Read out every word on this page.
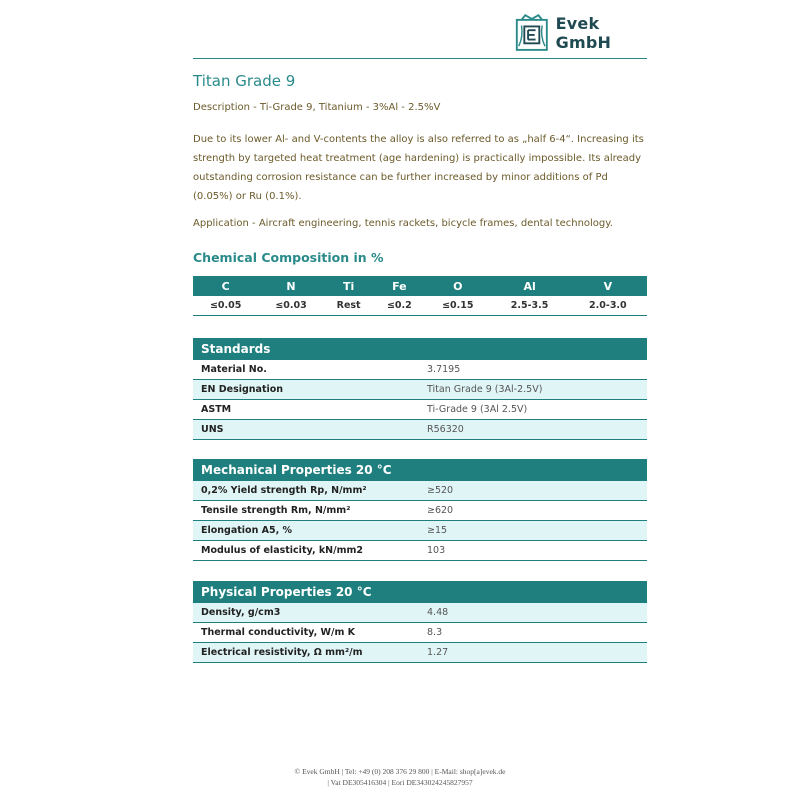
Evek GmbH
Titan Grade 9
Description - Ti-Grade 9, Titanium - 3%Al - 2.5%V
Due to its lower Al- and V-contents the alloy is also referred to as „half 6-4“. Increasing its strength by targeted heat treatment (age hardening) is practically impossible. Its already outstanding corrosion resistance can be further increased by minor additions of Pd (0.05%) or Ru (0.1%).
Application - Aircraft engineering, tennis rackets, bicycle frames, dental technology.
Chemical Composition in %
C	N	Ti	Fe	O	Al	V
≤0.05	≤0.03	Rest	≤0.2	≤0.15	2.5-3.5	2.0-3.0
Standards	
Material No.	3.7195
EN Designation	Titan Grade 9 (3Al-2.5V)
ASTM	Ti-Grade 9 (3Al 2.5V)
UNS	R56320
Mechanical Properties 20 °C	
0,2% Yield strength Rp, N/mm²	≥520
Tensile strength Rm, N/mm²	≥620
Elongation A5, %	≥15
Modulus of elasticity, kN/mm2	103
Physical Properties 20 °C	
Density, g/cm3	4.48
Thermal conductivity, W/m K	8.3
Electrical resistivity, Ω mm²/m	1.27
© Evek GmbH | Tel: +49 (0) 208 376 29 800 | E-Mail: shop[a]evek.de
| Vat DE305416304 | Eori DE343024245827957
